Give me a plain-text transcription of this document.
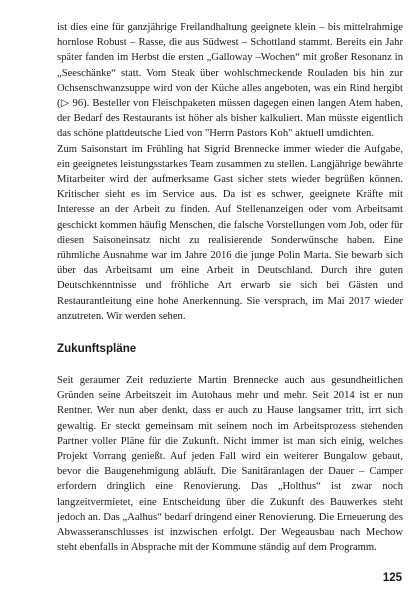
ist dies eine für ganzjährige Freilandhaltung geeignete klein – bis mittelrahmige hornlose Robust – Rasse, die aus Südwest – Schottland stammt. Bereits ein Jahr später fanden im Herbst die ersten „Galloway –Wochen“ mit großer Resonanz in „Seeschänke“ statt. Vom Steak über wohlschmeckende Rouladen bis hin zur Ochsenschwanzsuppe wird von der Küche alles angeboten, was ein Rind hergibt (▷ 96). Besteller von Fleischpaketen müssen dagegen einen langen Atem haben, der Bedarf des Restaurants ist höher als bisher kalkuliert. Man müsste eigentlich das schöne plattdeutsche Lied von "Herrn Pastors Koh" aktuell umdichten.

Zum Saisonstart im Frühling hat Sigrid Brennecke immer wieder die Aufgabe, ein geeignetes leistungsstarkes Team zusammen zu stellen. Langjährige bewährte Mitarbeiter wird der aufmerksame Gast sicher stets wieder begrüßen können. Kritischer sieht es im Service aus. Da ist es schwer, geeignete Kräfte mit Interesse an der Arbeit zu finden. Auf Stellenanzeigen oder vom Arbeitsamt geschickt kommen häufig Menschen, die falsche Vorstellungen vom Job, oder für diesen Saisoneinsatz nicht zu realisierende Sonderwünsche haben. Eine rühmliche Ausnahme war im Jahre 2016 die junge Polin Marta. Sie bewarb sich über das Arbeitsamt um eine Arbeit in Deutschland. Durch ihre guten Deutschkenntnisse und fröhliche Art erwarb sie sich bei Gästen und Restaurantleitung eine hohe Anerkennung. Sie versprach, im Mai 2017 wieder anzutreten. Wir werden sehen.

Zukunftspläne

Seit geraumer Zeit reduzierte Martin Brennecke auch aus gesundheitlichen Gründen seine Arbeitszeit im Autohaus mehr und mehr. Seit 2014 ist er nun Rentner. Wer nun aber denkt, dass er auch zu Hause langsamer tritt, irrt sich gewaltig. Er steckt gemeinsam mit seinem noch im Arbeitsprozess stehenden Partner voller Pläne für die Zukunft. Nicht immer ist man sich einig, welches Projekt Vorrang genießt. Auf jeden Fall wird ein weiterer Bungalow gebaut, bevor die Baugenehmigung abläuft. Die Sanitäranlagen der Dauer – Camper erfordern dringlich eine Renovierung. Das „Holthus“ ist zwar noch langzeitvermietet, eine Entscheidung über die Zukunft des Bauwerkes steht jedoch an. Das „Aalhus“ bedarf dringend einer Renovierung. Die Erneuerung des Abwasseranschlusses ist inzwischen erfolgt. Der Wegeausbau nach Mechow steht ebenfalls in Absprache mit der Kommune ständig auf dem Programm.

125
